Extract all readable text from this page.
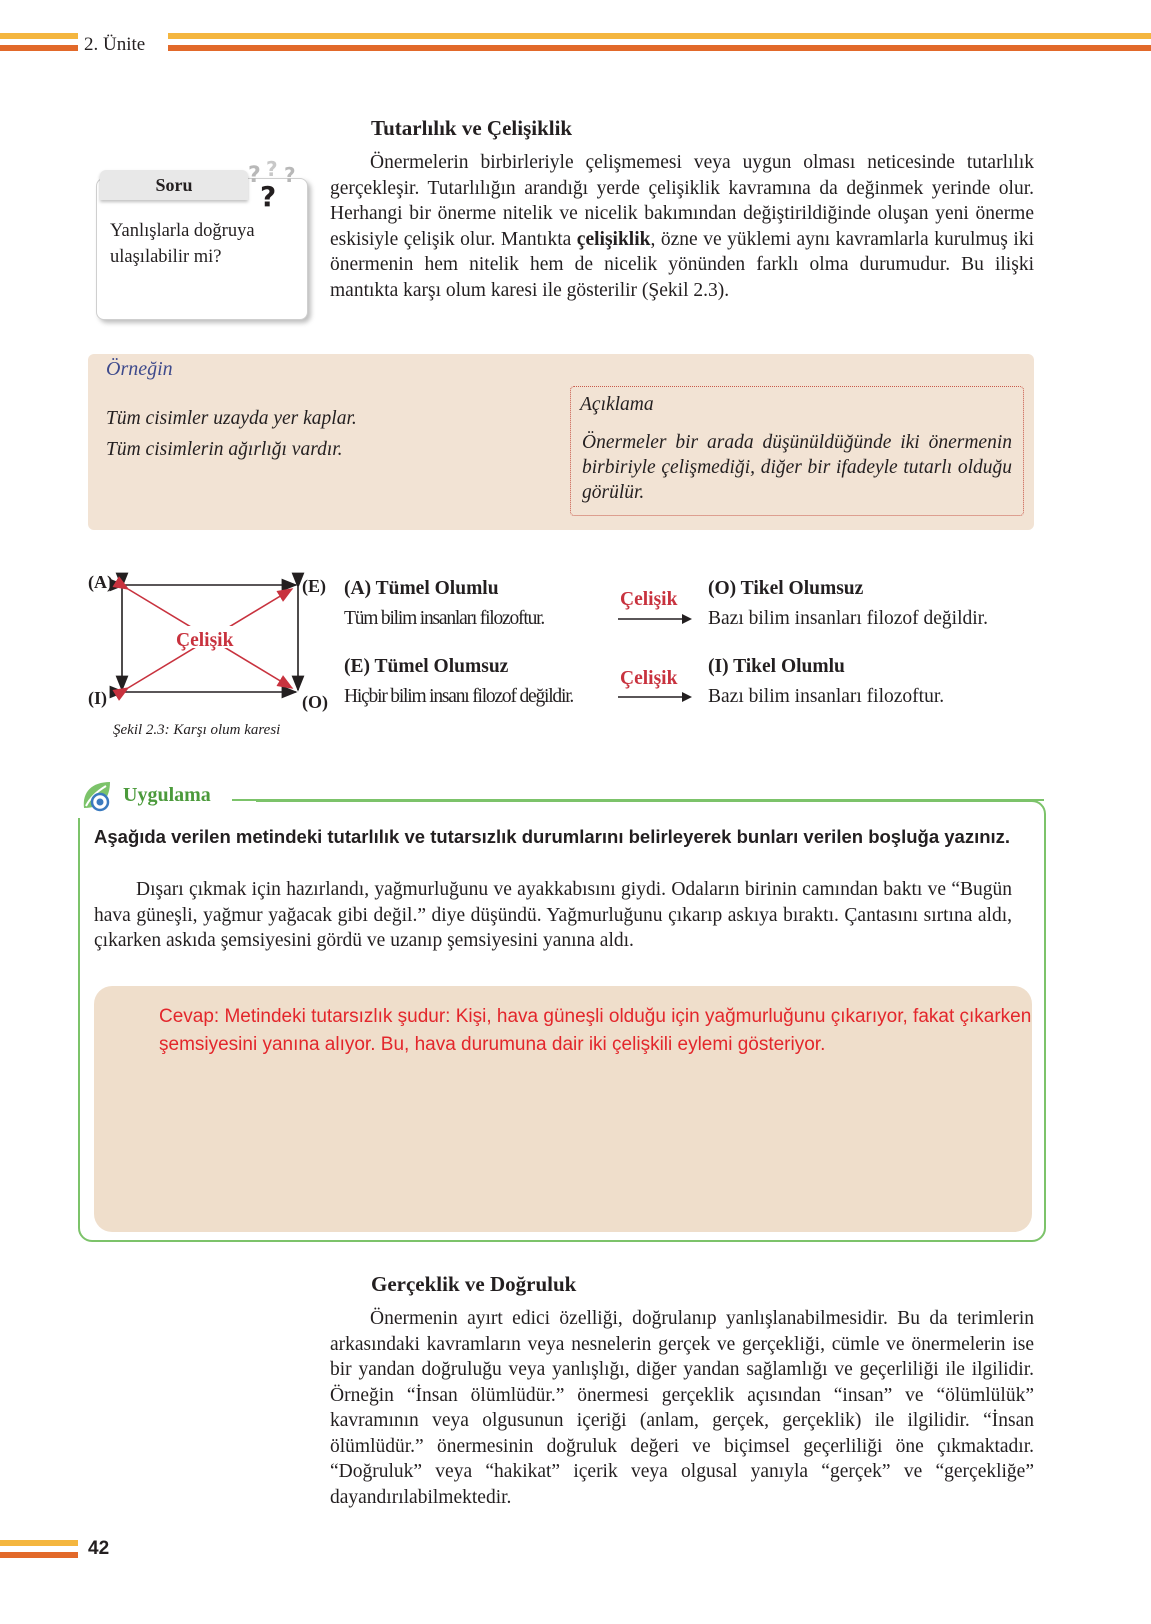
2. Ünite
Tutarlılık ve Çelişiklik
Önermelerin birbirleriyle çelişmemesi veya uygun olması neticesinde tutarlılık gerçekleşir. Tutarlılığın arandığı yerde çelişiklik kavramına da değinmek yerinde olur. Herhangi bir önerme nitelik ve nicelik bakımından değiştirildiğinde oluşan yeni önerme eskisiyle çelişik olur. Mantıkta çelişiklik, özne ve yüklemi aynı kavramlarla kurulmuş iki önermenin hem nitelik hem de nicelik yönünden farklı olma durumudur. Bu ilişki mantıkta karşı olum karesi ile gösterilir (Şekil 2.3).
Soru	? ? ?
?
Yanlışlarla doğruya ulaşılabilir mi?
Örneğin
Tüm cisimler uzayda yer kaplar.
Tüm cisimlerin ağırlığı vardır.
Açıklama
Önermeler bir arada düşünüldüğünde iki önermenin birbiriyle çelişmediği, diğer bir ifadeyle tutarlı olduğu görülür.
(A)	(E)
(I)	(O)
Çelişik
Şekil 2.3: Karşı olum karesi
(A) Tümel Olumlu
Tüm bilim insanları filozoftur.
Çelişik
(O) Tikel Olumsuz
Bazı bilim insanları filozof değildir.
(E) Tümel Olumsuz
Hiçbir bilim insanı filozof değildir.
Çelişik
(I) Tikel Olumlu
Bazı bilim insanları filozoftur.
Uygulama
Aşağıda verilen metindeki tutarlılık ve tutarsızlık durumlarını belirleyerek bunları verilen boşluğa yazınız.
Dışarı çıkmak için hazırlandı, yağmurluğunu ve ayakkabısını giydi. Odaların birinin camından baktı ve “Bugün hava güneşli, yağmur yağacak gibi değil.” diye düşündü. Yağmurluğunu çıkarıp askıya bıraktı. Çantasını sırtına aldı, çıkarken askıda şemsiyesini gördü ve uzanıp şemsiyesini yanına aldı.
Cevap: Metindeki tutarsızlık şudur: Kişi, hava güneşli olduğu için yağmurluğunu çıkarıyor, fakat çıkarken
şemsiyesini yanına alıyor. Bu, hava durumuna dair iki çelişkili eylemi gösteriyor.
Gerçeklik ve Doğruluk
Önermenin ayırt edici özelliği, doğrulanıp yanlışlanabilmesidir. Bu da terimlerin arkasındaki kavramların veya nesnelerin gerçek ve gerçekliği, cümle ve önermelerin ise bir yandan doğruluğu veya yanlışlığı, diğer yandan sağlamlığı ve geçerliliği ile ilgilidir. Örneğin “İnsan ölümlüdür.” önermesi gerçeklik açısından “insan” ve “ölümlülük” kavramının veya olgusunun içeriği (anlam, gerçek, gerçeklik) ile ilgilidir. “İnsan ölümlüdür.” önermesinin doğruluk değeri ve biçimsel geçerliliği öne çıkmaktadır. “Doğruluk” veya “hakikat” içerik veya olgusal yanıyla “gerçek” ve “gerçekliğe” dayandırılabilmektedir.
42
